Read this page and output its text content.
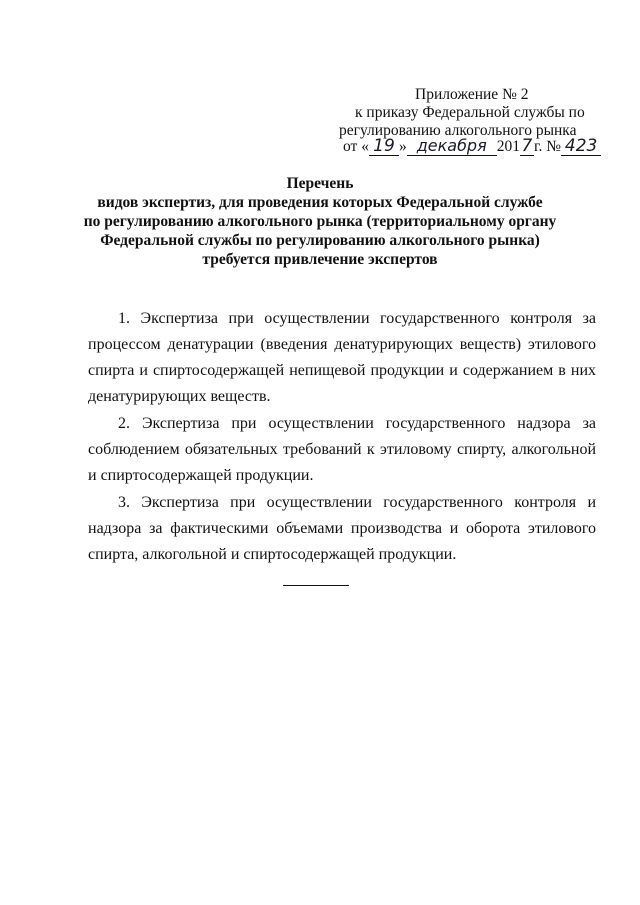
Приложение № 2
к приказу Федеральной службы по
регулированию алкогольного рынка
от « 19 » декабря 201 7 г. № 423
Перечень
видов экспертиз, для проведения которых Федеральной службе
по регулированию алкогольного рынка (территориальному органу
Федеральной службы по регулированию алкогольного рынка)
требуется привлечение экспертов

1. Экспертиза при осуществлении государственного контроля за процессом денатурации (введения денатурирующих веществ) этилового спирта и спиртосодержащей непищевой продукции и содержанием в них денатурирующих веществ.

2. Экспертиза при осуществлении государственного надзора за соблюдением обязательных требований к этиловому спирту, алкогольной и спиртосодержащей продукции.

3. Экспертиза при осуществлении государственного контроля и надзора за фактическими объемами производства и оборота этилового спирта, алкогольной и спиртосодержащей продукции.
